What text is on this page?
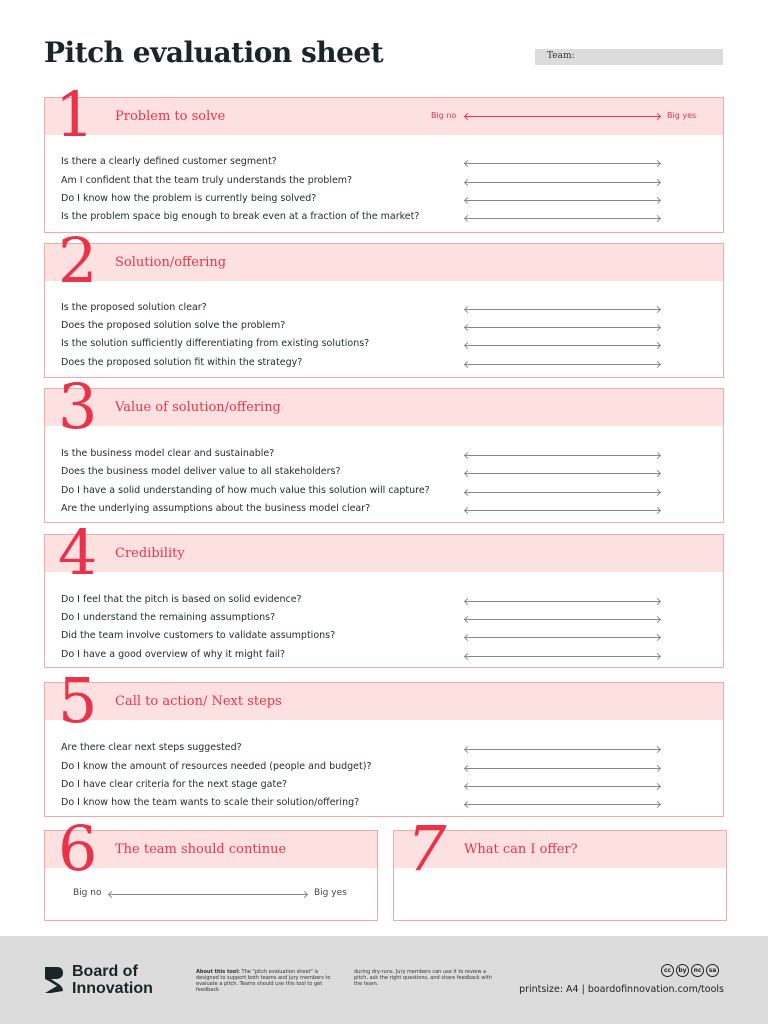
Pitch evaluation sheet	Team:
Problem to solve	Big no	Big yes
Is there a clearly defined customer segment?
Am I confident that the team truly understands the problem?
Do I know how the problem is currently being solved?
Is the problem space big enough to break even at a fraction of the market?
1
Solution/offering
Is the proposed solution clear?
Does the proposed solution solve the problem?
Is the solution sufficiently differentiating from existing solutions?
Does the proposed solution fit within the strategy?
2
Value of solution/offering
Is the business model clear and sustainable?
Does the business model deliver value to all stakeholders?
Do I have a solid understanding of how much value this solution will capture?
Are the underlying assumptions about the business model clear?
3
Credibility
Do I feel that the pitch is based on solid evidence?
Do I understand the remaining assumptions?
Did the team involve customers to validate assumptions?
Do I have a good overview of why it might fail?
4
Call to action/ Next steps
Are there clear next steps suggested?
Do I know the amount of resources needed (people and budget)?
Do I have clear criteria for the next stage gate?
Do I know how the team wants to scale their solution/offering?
5
The team should continue
Big no	Big yes
6	What can I offer?
7
Board of
Innovation
About this tool: The "pitch evaluation sheet" is designed to support both teams and jury members to evaluate a pitch. Teams should use this tool to get feedback
during dry-runs. Jury members can use it to review a pitch, ask the right questions, and share feedback with the team.
cc	by	nc	sa
printsize: A4 | boardofinnovation.com/tools
